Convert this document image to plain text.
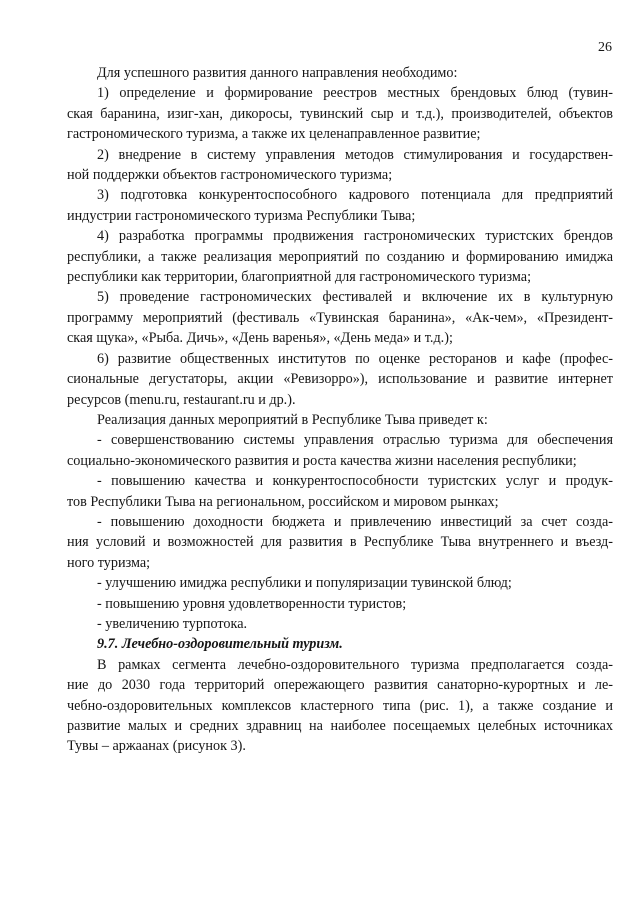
26
Для успешного развития данного направления необходимо:
1) определение и формирование реестров местных брендовых блюд (тувин-
ская баранина, изиг-хан, дикоросы, тувинский сыр и т.д.), производителей, объектов
гастрономического туризма, а также их целенаправленное развитие;
2) внедрение в систему управления методов стимулирования и государствен-
ной поддержки объектов гастрономического туризма;
3) подготовка конкурентоспособного кадрового потенциала для предприятий
индустрии гастрономического туризма Республики Тыва;
4) разработка программы продвижения гастрономических туристских брендов
республики, а также реализация мероприятий по созданию и формированию имиджа
республики как территории, благоприятной для гастрономического туризма;
5) проведение гастрономических фестивалей и включение их в культурную
программу мероприятий (фестиваль «Тувинская баранина», «Ак-чем», «Президент-
ская щука», «Рыба. Дичь», «День варенья», «День меда» и т.д.);
6) развитие общественных институтов по оценке ресторанов и кафе (профес-
сиональные дегустаторы, акции «Ревизорро»), использование и развитие интернет
ресурсов (menu.ru, restaurant.ru и др.).
Реализация данных мероприятий в Республике Тыва приведет к:
- совершенствованию системы управления отраслью туризма для обеспечения
социально-экономического развития и роста качества жизни населения республики;
- повышению качества и конкурентоспособности туристских услуг и продук-
тов Республики Тыва на региональном, российском и мировом рынках;
- повышению доходности бюджета и привлечению инвестиций за счет созда-
ния условий и возможностей для развития в Республике Тыва внутреннего и въезд-
ного туризма;
- улучшению имиджа республики и популяризации тувинской блюд;
- повышению уровня удовлетворенности туристов;
- увеличению турпотока.
9.7. Лечебно-оздоровительный туризм.
В рамках сегмента лечебно-оздоровительного туризма предполагается созда-
ние до 2030 года территорий опережающего развития санаторно-курортных и ле-
чебно-оздоровительных комплексов кластерного типа (рис. 1), а также создание и
развитие малых и средних здравниц на наиболее посещаемых целебных источниках
Тувы – аржаанах (рисунок 3).
